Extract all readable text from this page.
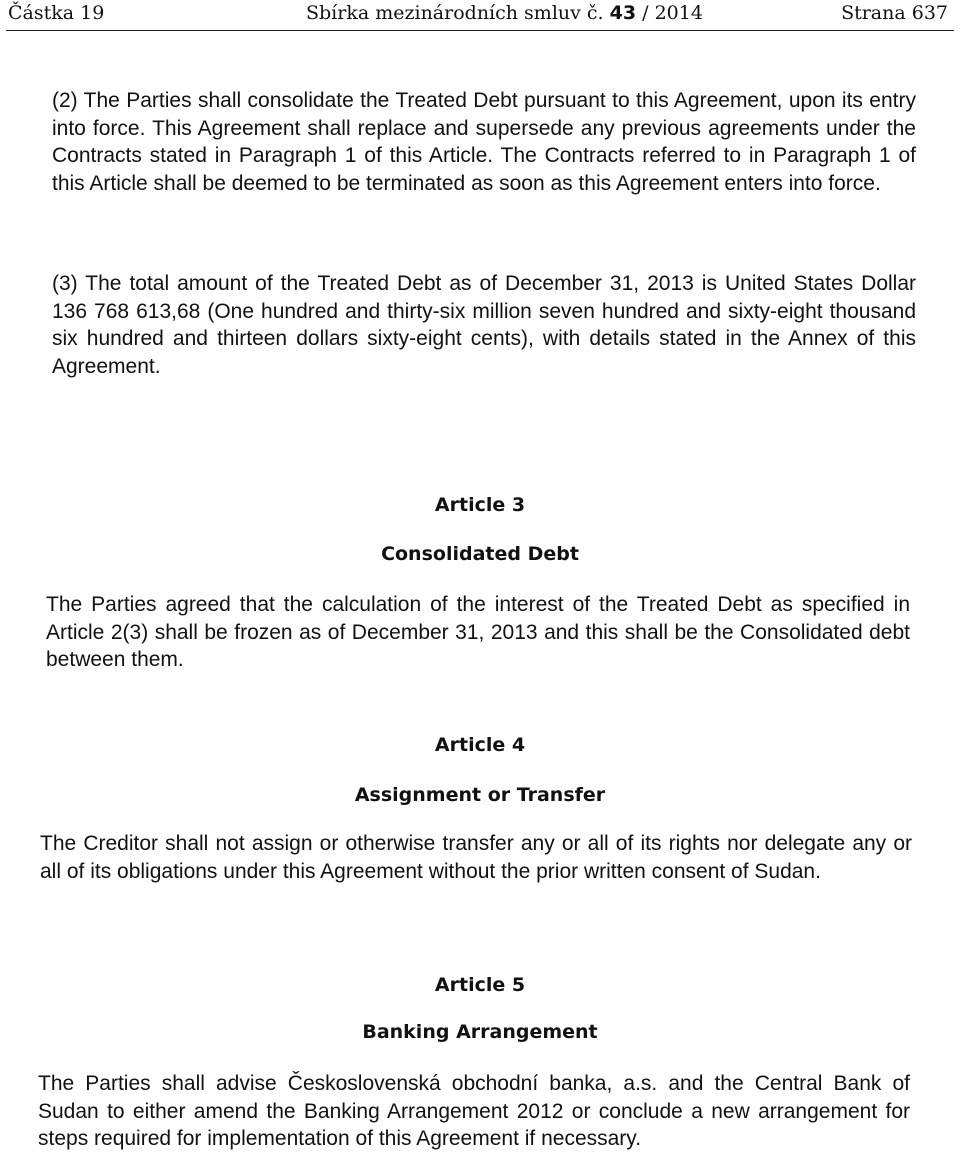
Částka 19	Sbírka mezinárodních smluv č. 43 / 2014	Strana 637

(2) The Parties shall consolidate the Treated Debt pursuant to this Agreement, upon its entry into force. This Agreement shall replace and supersede any previous agreements under the Contracts stated in Paragraph 1 of this Article. The Contracts referred to in Paragraph 1 of this Article shall be deemed to be terminated as soon as this Agreement enters into force.

(3) The total amount of the Treated Debt as of December 31, 2013 is United States Dollar 136 768 613,68 (One hundred and thirty-six million seven hundred and sixty-eight thousand six hundred and thirteen dollars sixty-eight cents), with details stated in the Annex of this Agreement.

Article 3
Consolidated Debt

The Parties agreed that the calculation of the interest of the Treated Debt as specified in Article 2(3) shall be frozen as of December 31, 2013 and this shall be the Consolidated debt between them.

Article 4
Assignment or Transfer

The Creditor shall not assign or otherwise transfer any or all of its rights nor delegate any or all of its obligations under this Agreement without the prior written consent of Sudan.

Article 5
Banking Arrangement

The Parties shall advise Československá obchodní banka, a.s. and the Central Bank of Sudan to either amend the Banking Arrangement 2012 or conclude a new arrangement for steps required for implementation of this Agreement if necessary.
